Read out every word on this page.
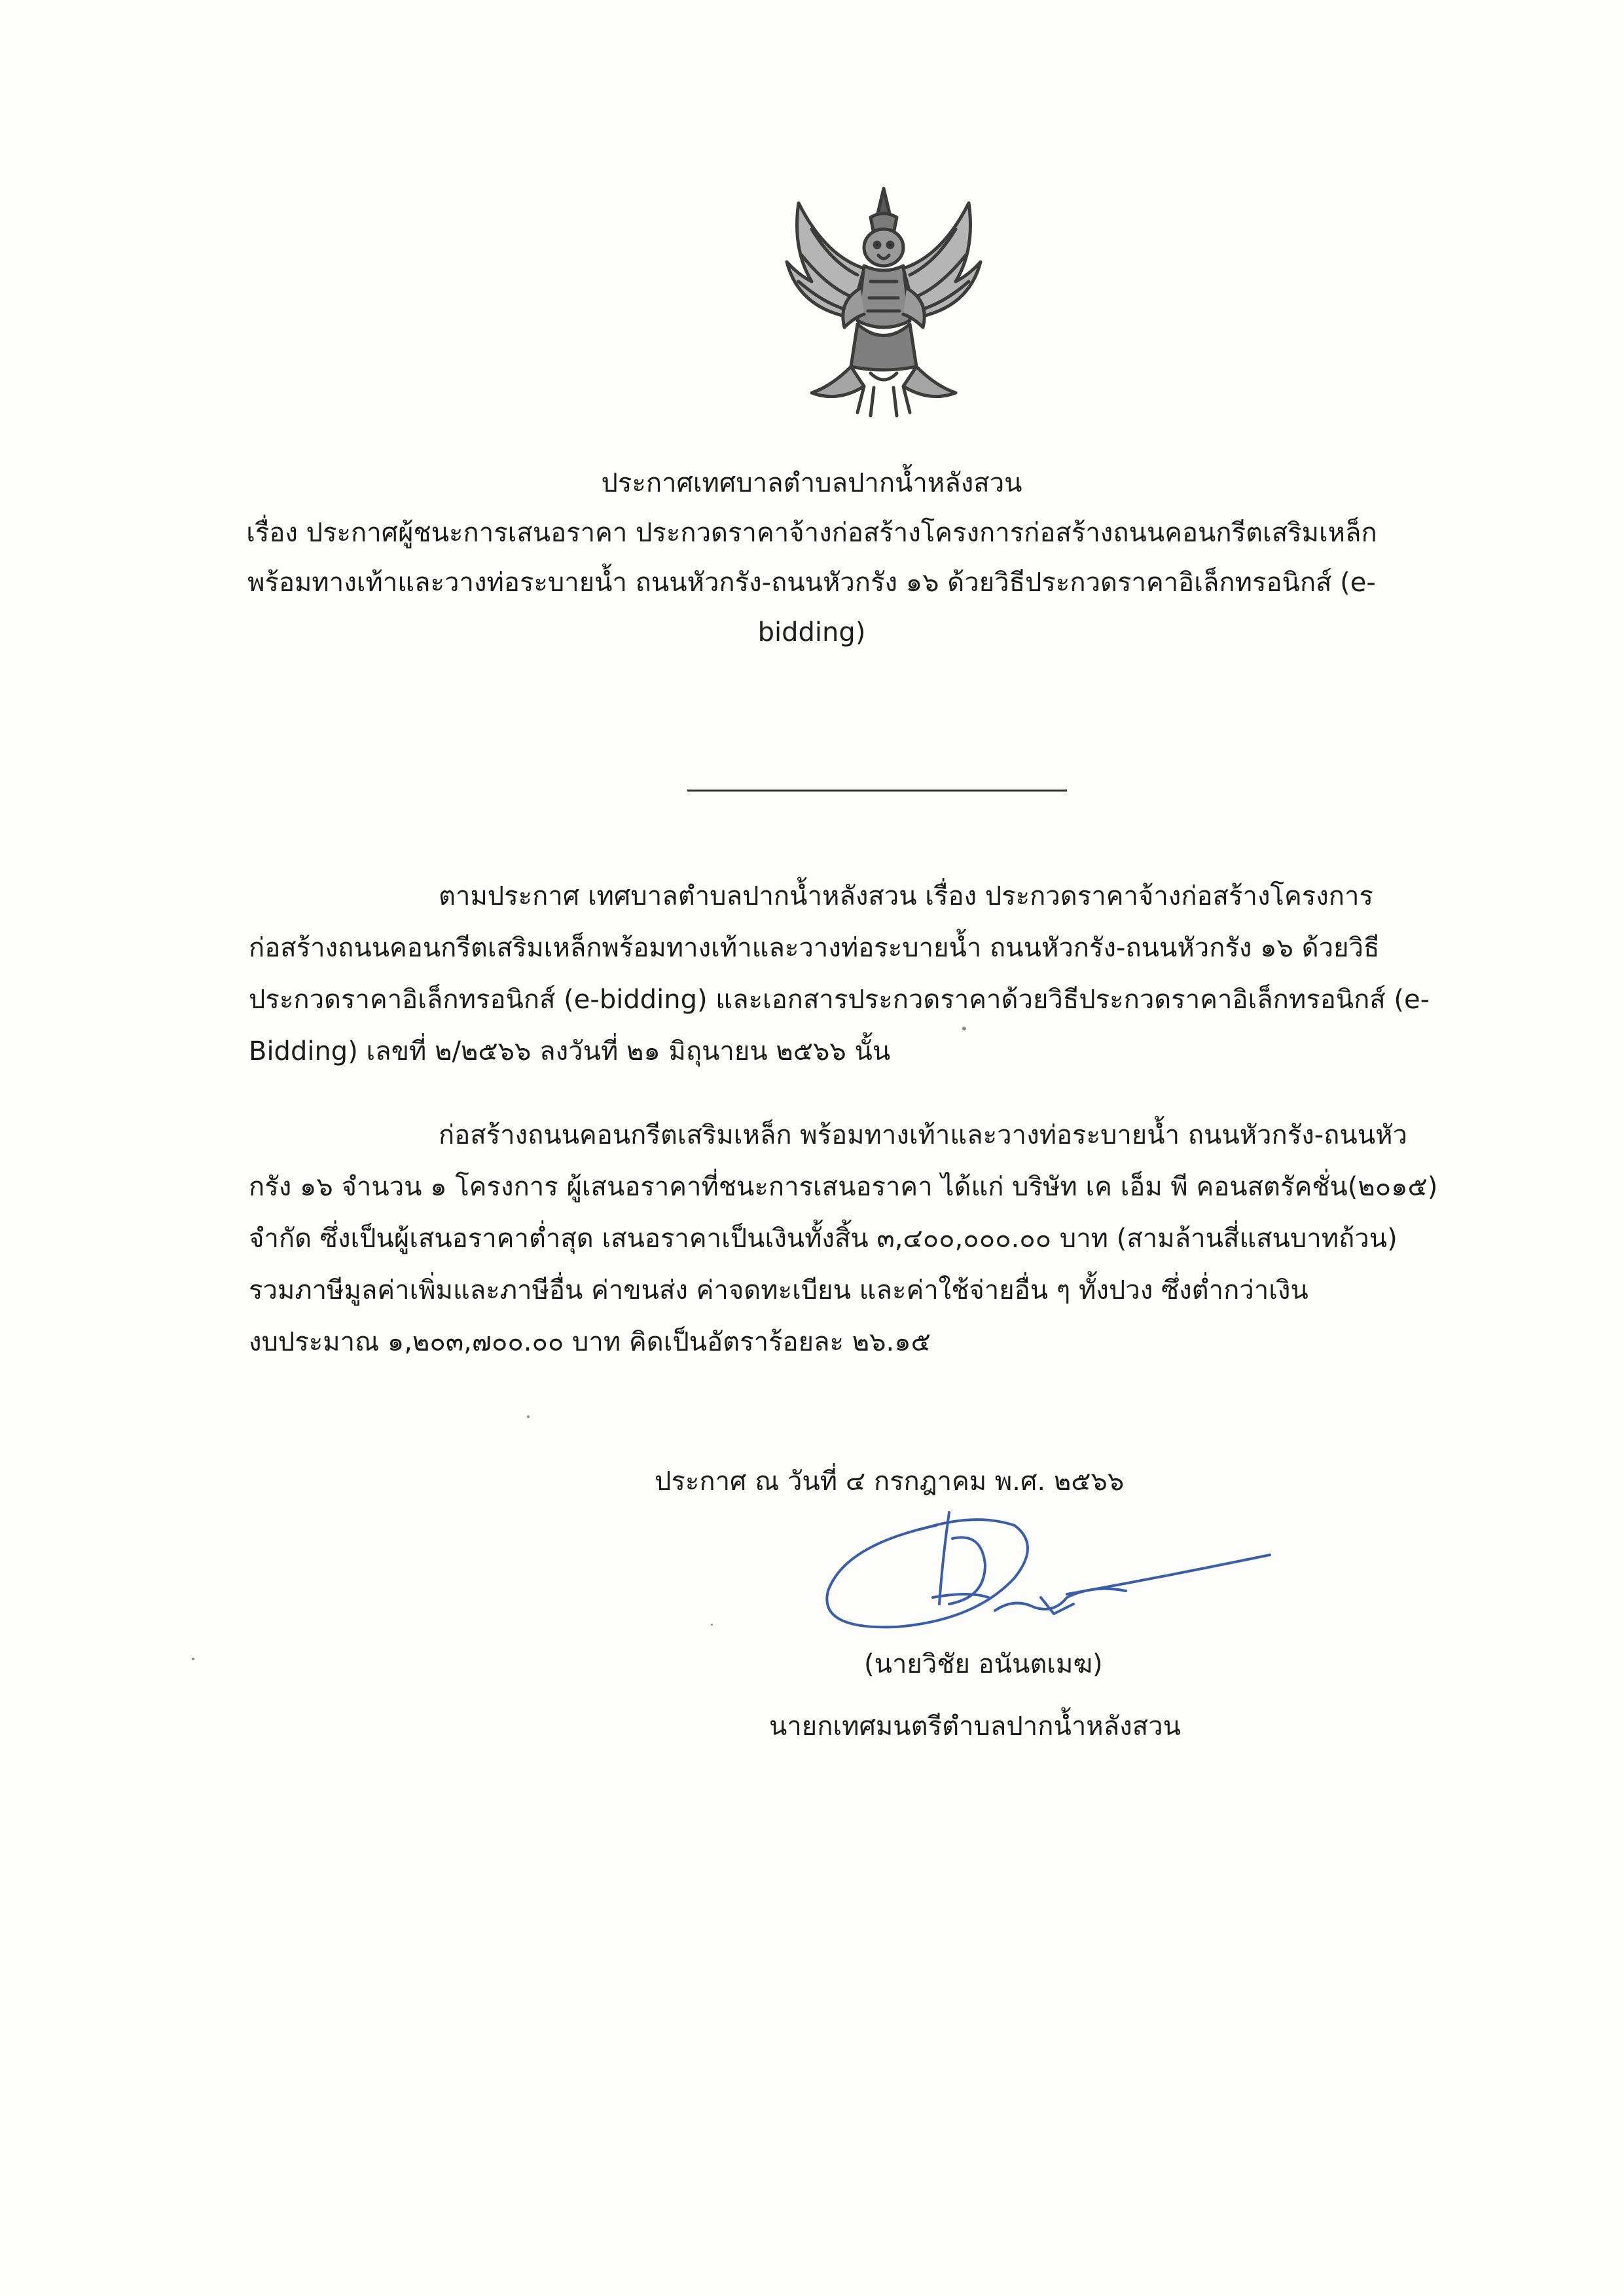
ประกาศเทศบาลตำบลปากน้ำหลังสวน
เรื่อง ประกาศผู้ชนะการเสนอราคา ประกวดราคาจ้างก่อสร้างโครงการก่อสร้างถนนคอนกรีตเสริมเหล็ก
พร้อมทางเท้าและวางท่อระบายน้ำ ถนนหัวกรัง-ถนนหัวกรัง ๑๖ ด้วยวิธีประกวดราคาอิเล็กทรอนิกส์ (e-
bidding)
ตามประกาศ เทศบาลตำบลปากน้ำหลังสวน เรื่อง ประกวดราคาจ้างก่อสร้างโครงการ
ก่อสร้างถนนคอนกรีตเสริมเหล็กพร้อมทางเท้าและวางท่อระบายน้ำ ถนนหัวกรัง-ถนนหัวกรัง ๑๖ ด้วยวิธี
ประกวดราคาอิเล็กทรอนิกส์ (e-bidding) และเอกสารประกวดราคาด้วยวิธีประกวดราคาอิเล็กทรอนิกส์ (e-
Bidding) เลขที่ ๒/๒๕๖๖ ลงวันที่ ๒๑ มิถุนายน ๒๕๖๖ นั้น
ก่อสร้างถนนคอนกรีตเสริมเหล็ก พร้อมทางเท้าและวางท่อระบายน้ำ ถนนหัวกรัง-ถนนหัว
กรัง ๑๖ จำนวน ๑ โครงการ ผู้เสนอราคาที่ชนะการเสนอราคา ได้แก่ บริษัท เค เอ็ม พี คอนสตรัคชั่น(๒๐๑๕)
จำกัด ซึ่งเป็นผู้เสนอราคาต่ำสุด เสนอราคาเป็นเงินทั้งสิ้น ๓,๔๐๐,๐๐๐.๐๐ บาท (สามล้านสี่แสนบาทถ้วน)
รวมภาษีมูลค่าเพิ่มและภาษีอื่น ค่าขนส่ง ค่าจดทะเบียน และค่าใช้จ่ายอื่น ๆ ทั้งปวง ซึ่งต่ำกว่าเงิน
งบประมาณ ๑,๒๐๓,๗๐๐.๐๐ บาท คิดเป็นอัตราร้อยละ ๒๖.๑๕
ประกาศ ณ วันที่ ๔ กรกฎาคม พ.ศ. ๒๕๖๖
(นายวิชัย อนันตเมฆ)
นายกเทศมนตรีตำบลปากน้ำหลังสวน
